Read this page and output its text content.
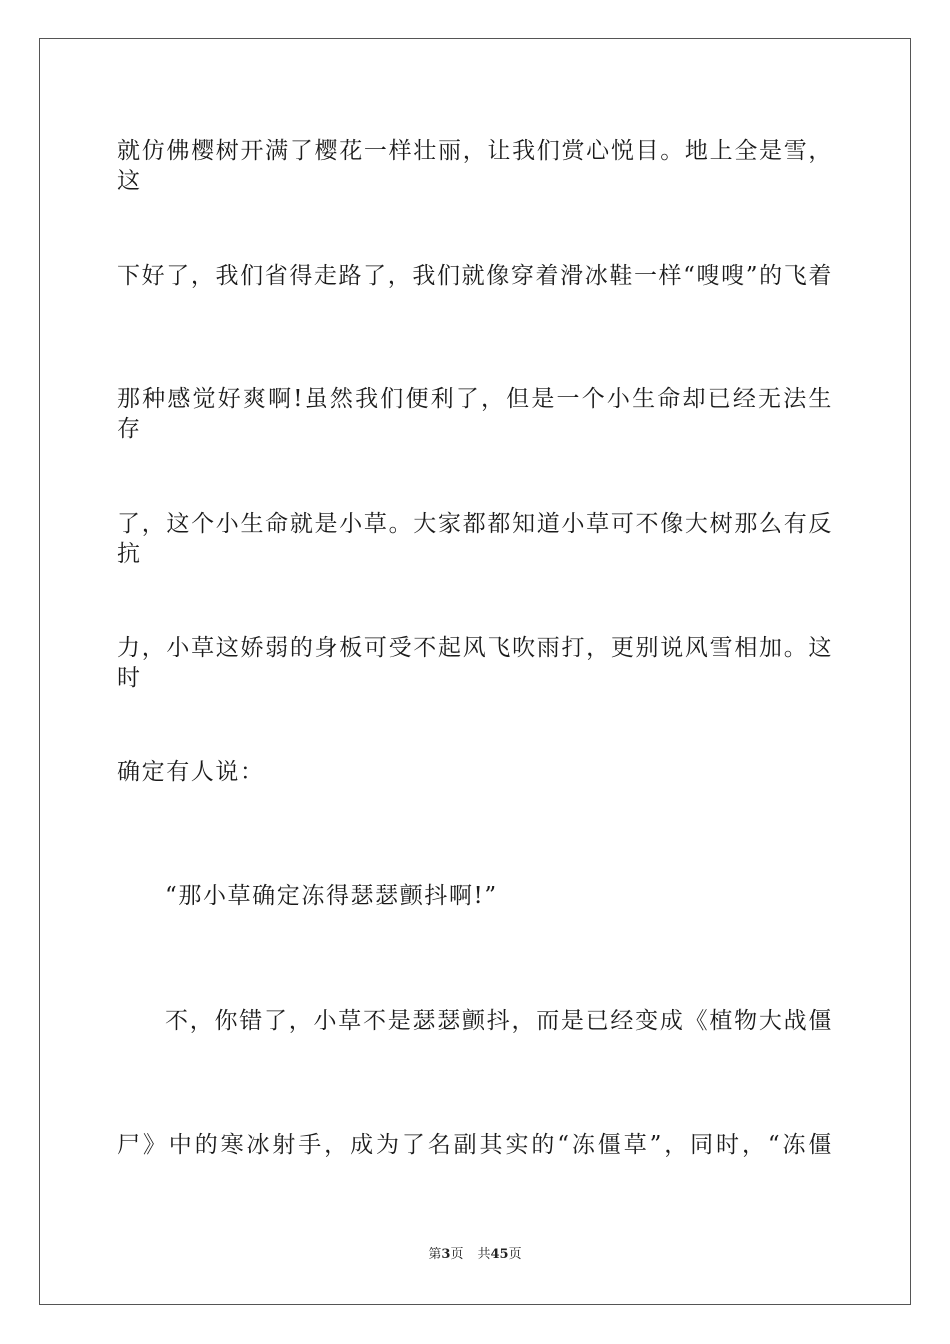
就仿佛樱树开满了樱花一样壮丽，让我们赏心悦目。地上全是雪，这
下好了，我们省得走路了，我们就像穿着滑冰鞋一样“嗖嗖”的飞着
那种感觉好爽啊!虽然我们便利了，但是一个小生命却已经无法生存
了，这个小生命就是小草。大家都都知道小草可不像大树那么有反抗
力，小草这娇弱的身板可受不起风飞吹雨打，更别说风雪相加。这时
确定有人说：
“那小草确定冻得瑟瑟颤抖啊!”
不，你错了，小草不是瑟瑟颤抖，而是已经变成《植物大战僵
尸》中的寒冰射手，成为了名副其实的“冻僵草”，同时，“冻僵
第3页 共45页
